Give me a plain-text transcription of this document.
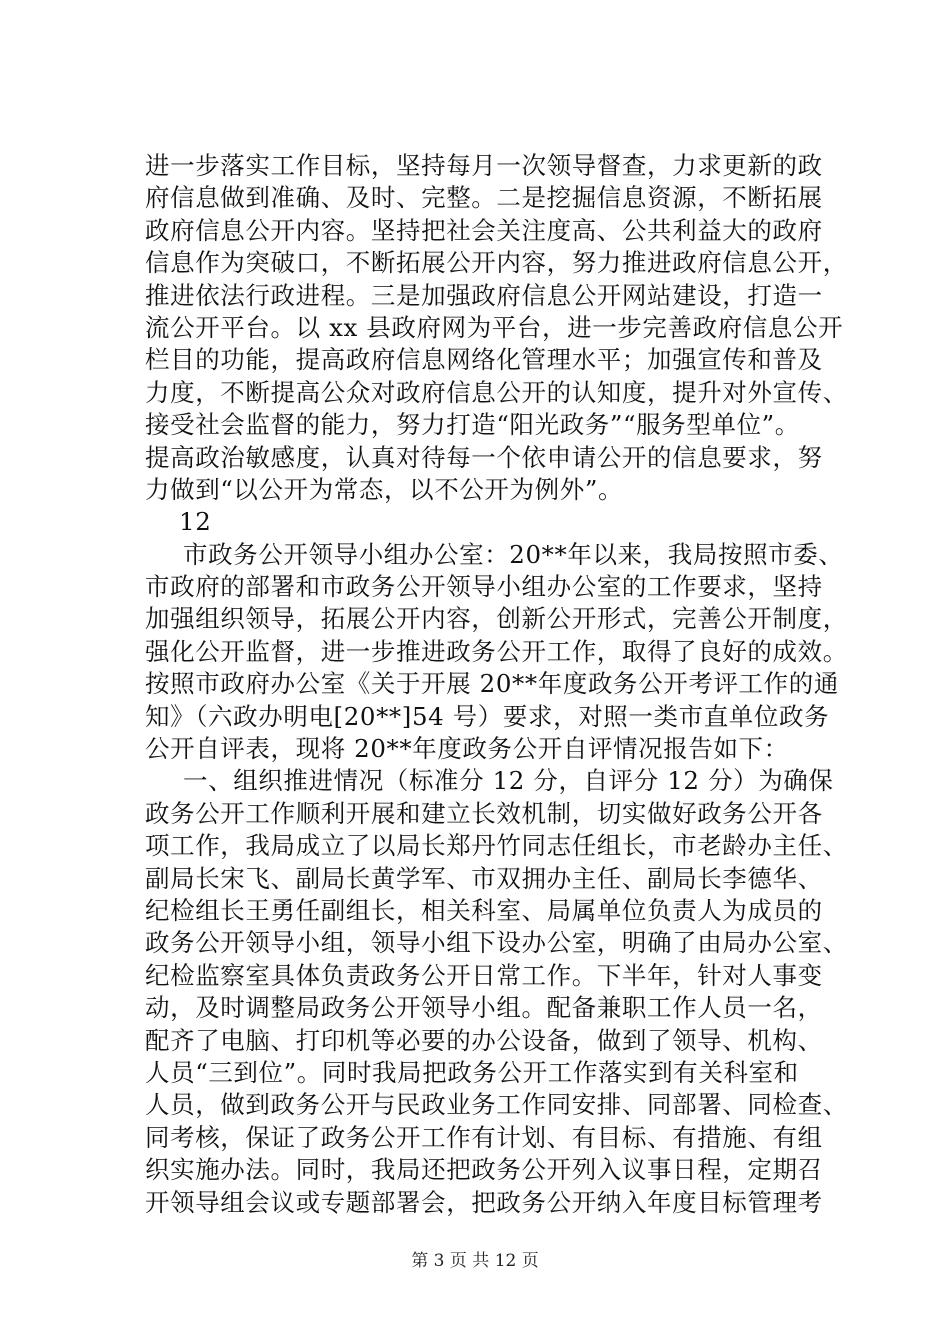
进一步落实工作目标，坚持每月一次领导督查，力求更新的政
府信息做到准确、及时、完整。二是挖掘信息资源，不断拓展
政府信息公开内容。坚持把社会关注度高、公共利益大的政府
信息作为突破口，不断拓展公开内容，努力推进政府信息公开，
推进依法行政进程。三是加强政府信息公开网站建设，打造一
流公开平台。以 xx 县政府网为平台，进一步完善政府信息公开
栏目的功能，提高政府信息网络化管理水平；加强宣传和普及
力度，不断提高公众对政府信息公开的认知度，提升对外宣传、
接受社会监督的能力，努力打造“阳光政务”“服务型单位”。
提高政治敏感度，认真对待每一个依申请公开的信息要求，努
力做到“以公开为常态，以不公开为例外”。
12
市政务公开领导小组办公室：20**年以来，我局按照市委、
市政府的部署和市政务公开领导小组办公室的工作要求，坚持
加强组织领导，拓展公开内容，创新公开形式，完善公开制度，
强化公开监督，进一步推进政务公开工作，取得了良好的成效。
按照市政府办公室《关于开展 20**年度政务公开考评工作的通
知》（六政办明电[20**]54 号）要求，对照一类市直单位政务
公开自评表，现将 20**年度政务公开自评情况报告如下：
一、组织推进情况（标准分 12 分，自评分 12 分）为确保
政务公开工作顺利开展和建立长效机制，切实做好政务公开各
项工作，我局成立了以局长郑丹竹同志任组长，市老龄办主任、
副局长宋飞、副局长黄学军、市双拥办主任、副局长李德华、
纪检组长王勇任副组长，相关科室、局属单位负责人为成员的
政务公开领导小组，领导小组下设办公室，明确了由局办公室、
纪检监察室具体负责政务公开日常工作。下半年，针对人事变
动，及时调整局政务公开领导小组。配备兼职工作人员一名，
配齐了电脑、打印机等必要的办公设备，做到了领导、机构、
人员“三到位”。同时我局把政务公开工作落实到有关科室和
人员，做到政务公开与民政业务工作同安排、同部署、同检查、
同考核，保证了政务公开工作有计划、有目标、有措施、有组
织实施办法。同时，我局还把政务公开列入议事日程，定期召
开领导组会议或专题部署会，把政务公开纳入年度目标管理考
第 3 页 共 12 页
